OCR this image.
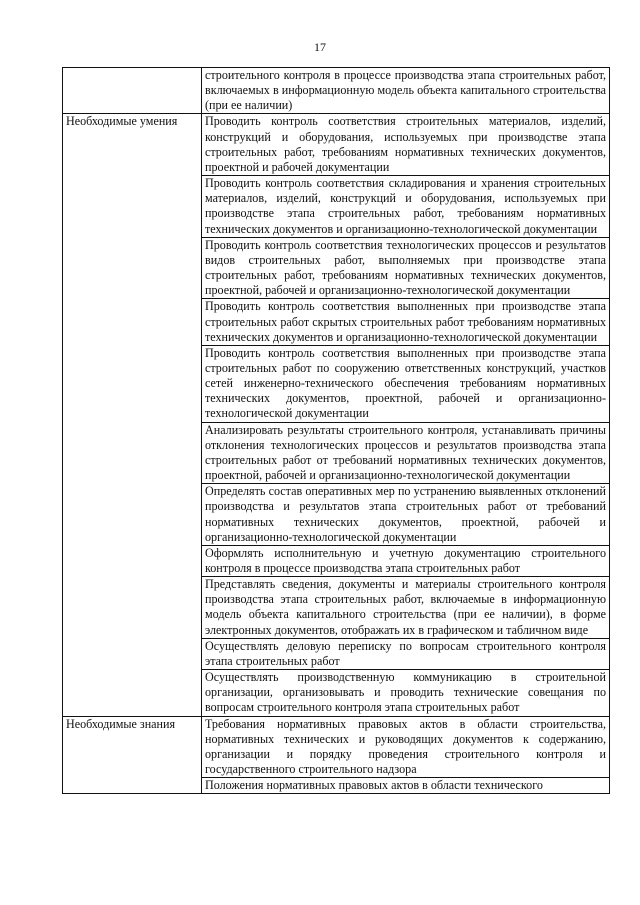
17
	строительного контроля в процессе производства этапа строительных работ, включаемых в информационную модель объекта капитального строительства (при ее наличии)
Необходимые умения	Проводить контроль соответствия строительных материалов, изделий, конструкций и оборудования, используемых при производстве этапа строительных работ, требованиям нормативных технических документов, проектной и рабочей документации
	Проводить контроль соответствия складирования и хранения строительных материалов, изделий, конструкций и оборудования, используемых при производстве этапа строительных работ, требованиям нормативных технических документов и организационно-технологической документации
	Проводить контроль соответствия технологических процессов и результатов видов строительных работ, выполняемых при производстве этапа строительных работ, требованиям нормативных технических документов, проектной, рабочей и организационно-технологической документации
	Проводить контроль соответствия выполненных при производстве этапа строительных работ скрытых строительных работ требованиям нормативных технических документов и организационно-технологической документации
	Проводить контроль соответствия выполненных при производстве этапа строительных работ по сооружению ответственных конструкций, участков сетей инженерно-технического обеспечения требованиям нормативных технических документов, проектной, рабочей и организационно-технологической документации
	Анализировать результаты строительного контроля, устанавливать причины отклонения технологических процессов и результатов производства этапа строительных работ от требований нормативных технических документов, проектной, рабочей и организационно-технологической документации
	Определять состав оперативных мер по устранению выявленных отклонений производства и результатов этапа строительных работ от требований нормативных технических документов, проектной, рабочей и организационно-технологической документации
	Оформлять исполнительную и учетную документацию строительного контроля в процессе производства этапа строительных работ
	Представлять сведения, документы и материалы строительного контроля производства этапа строительных работ, включаемые в информационную модель объекта капитального строительства (при ее наличии), в форме электронных документов, отображать их в графическом и табличном виде
	Осуществлять деловую переписку по вопросам строительного контроля этапа строительных работ
	Осуществлять производственную коммуникацию в строительной организации, организовывать и проводить технические совещания по вопросам строительного контроля этапа строительных работ
Необходимые знания	Требования нормативных правовых актов в области строительства, нормативных технических и руководящих документов к содержанию, организации и порядку проведения строительного контроля и государственного строительного надзора
	Положения нормативных правовых актов в области технического
